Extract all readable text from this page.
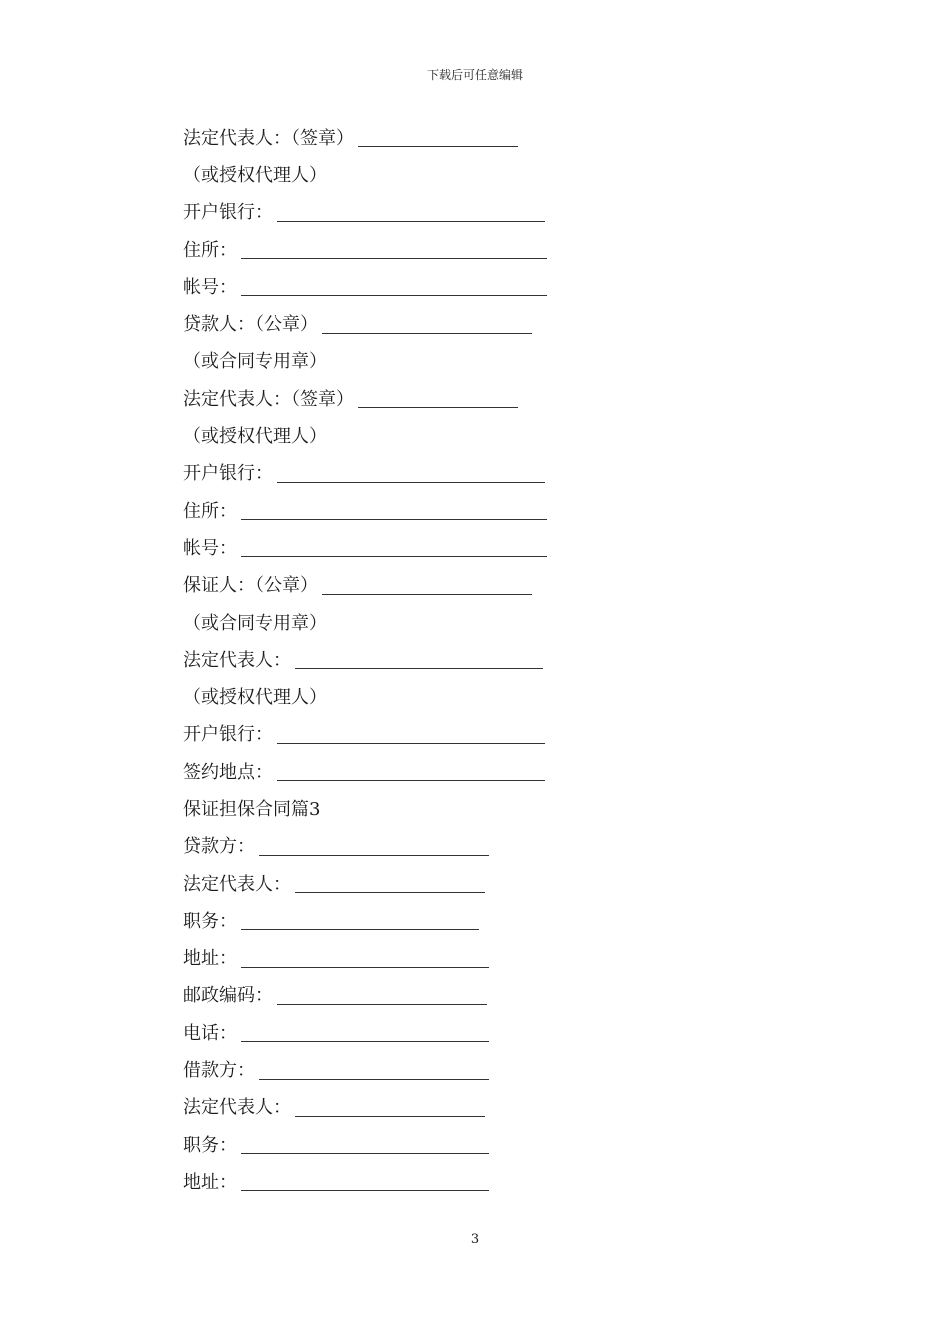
下载后可任意编辑
法定代表人：（签章）
（或授权代理人）
开户银行：
住所：
帐号：
贷款人：（公章）
（或合同专用章）
法定代表人：（签章）
（或授权代理人）
开户银行：
住所：
帐号：
保证人：（公章）
（或合同专用章）
法定代表人：
（或授权代理人）
开户银行：
签约地点：
保证担保合同篇3
贷款方：
法定代表人：
职务：
地址：
邮政编码：
电话：
借款方：
法定代表人：
职务：
地址：
3
